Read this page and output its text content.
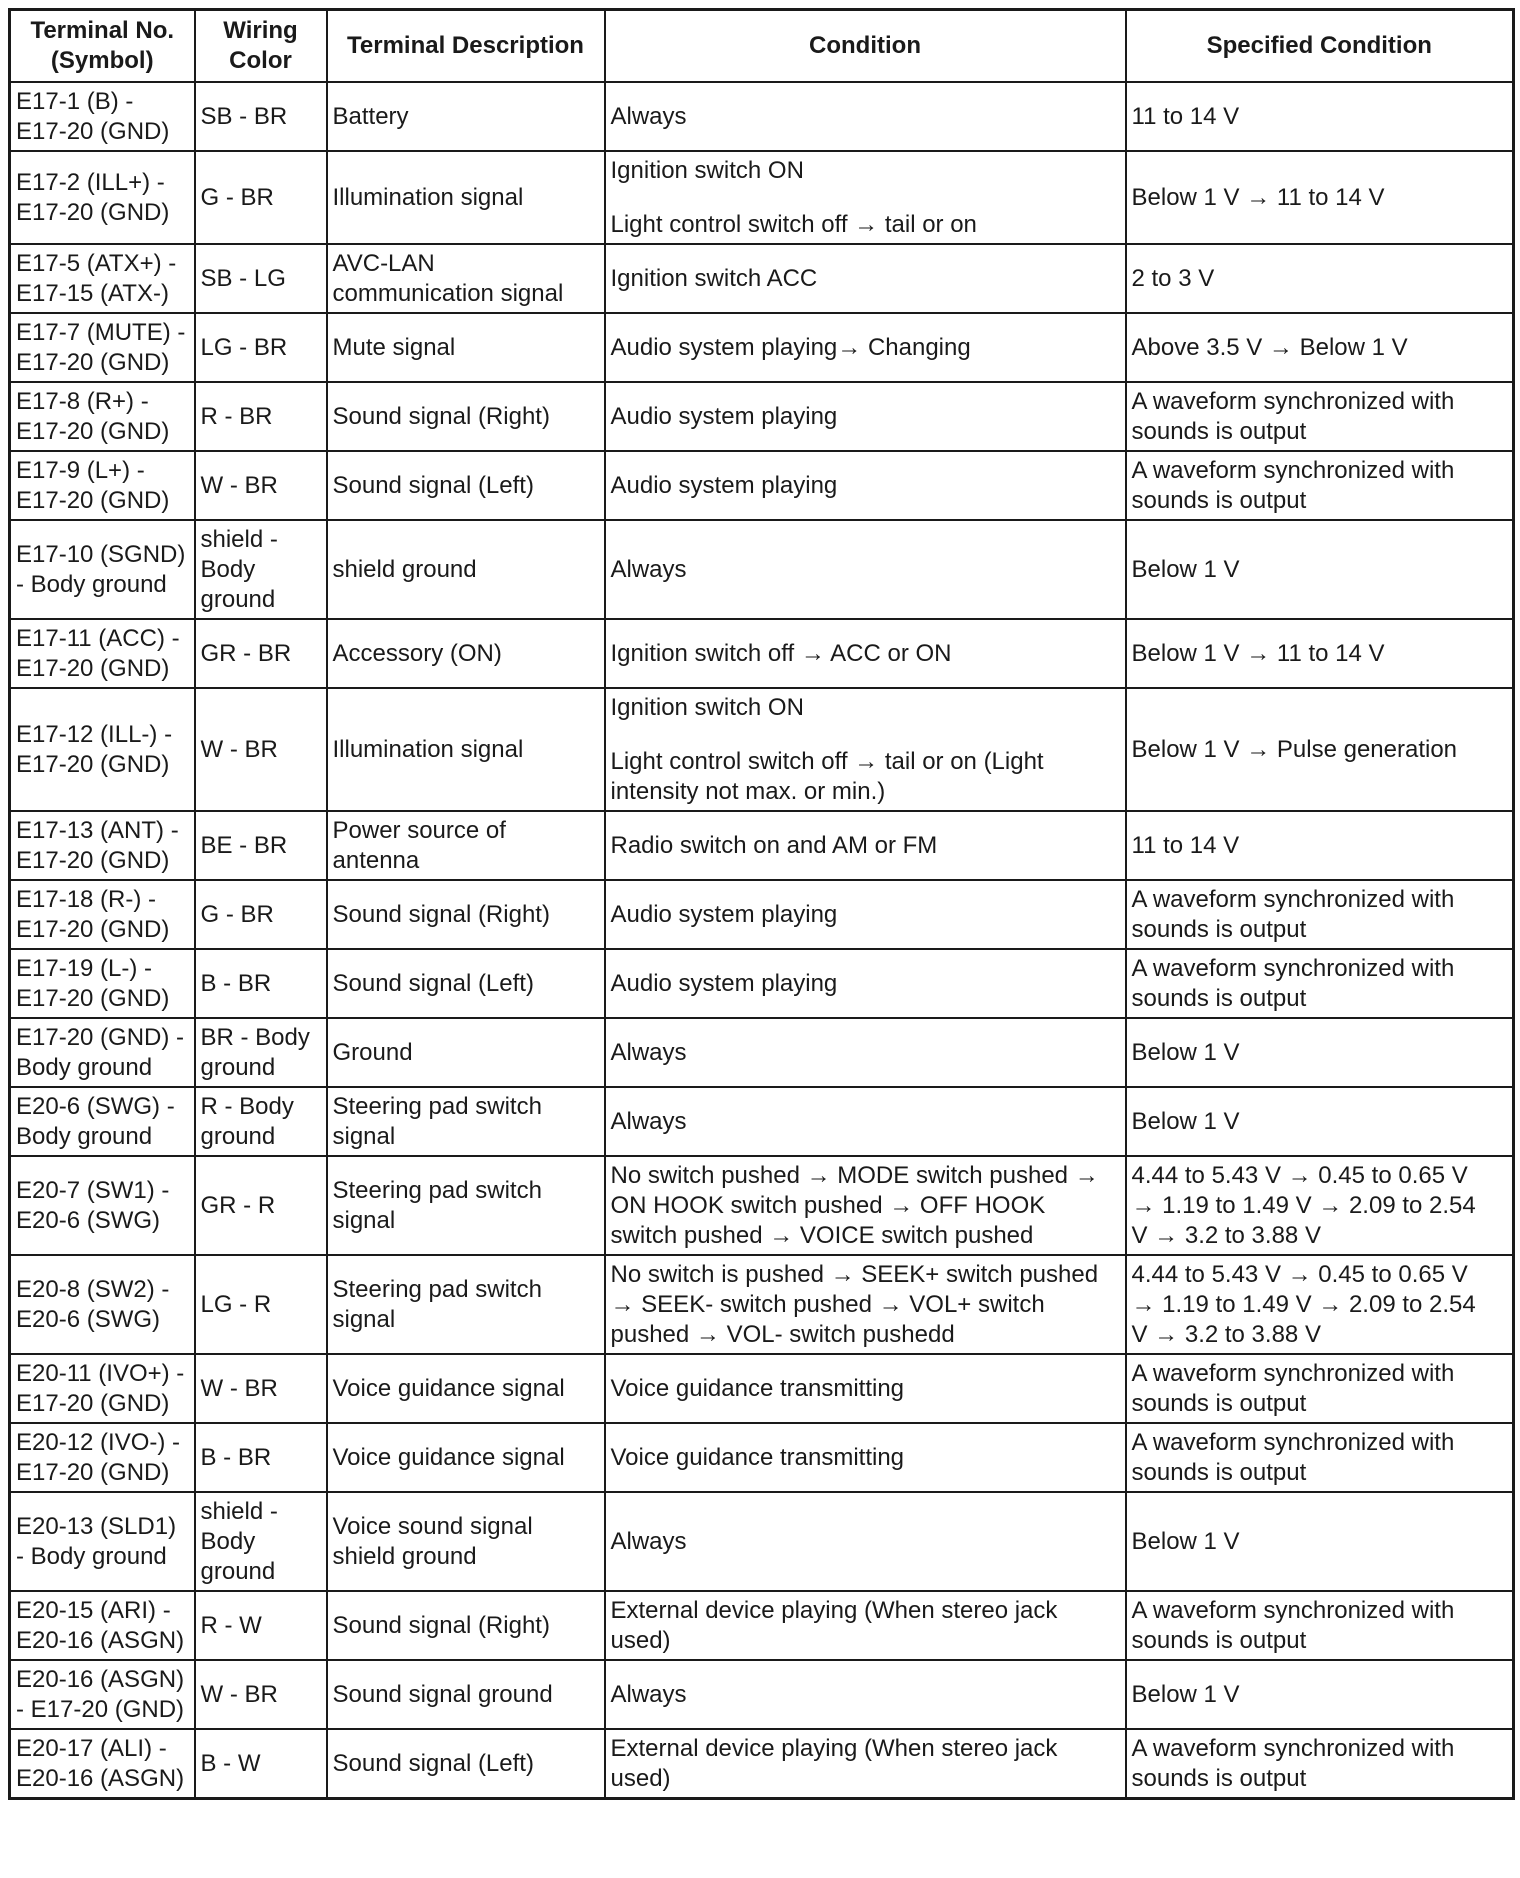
Terminal No.
(Symbol)	Wiring
Color	Terminal Description	Condition	Specified Condition

E17-1 (B) -
E17-20 (GND)	SB - BR	Battery	Always	11 to 14 V

E17-2 (ILL+) -
E17-20 (GND)	G - BR	Illumination signal	Ignition switch ON
Light control switch off → tail or on	Below 1 V → 11 to 14 V

E17-5 (ATX+) -
E17-15 (ATX-)	SB - LG	AVC-LAN
communication signal	Ignition switch ACC	2 to 3 V

E17-7 (MUTE) -
E17-20 (GND)	LG - BR	Mute signal	Audio system playing→ Changing	Above 3.5 V → Below 1 V

E17-8 (R+) -
E17-20 (GND)	R - BR	Sound signal (Right)	Audio system playing	A waveform synchronized with
sounds is output

E17-9 (L+) -
E17-20 (GND)	W - BR	Sound signal (Left)	Audio system playing	A waveform synchronized with
sounds is output

E17-10 (SGND)
- Body ground	shield -
Body
ground	shield ground	Always	Below 1 V

E17-11 (ACC) -
E17-20 (GND)	GR - BR	Accessory (ON)	Ignition switch off → ACC or ON	Below 1 V → 11 to 14 V

E17-12 (ILL-) -
E17-20 (GND)	W - BR	Illumination signal	Ignition switch ON
Light control switch off → tail or on (Light
intensity not max. or min.)	Below 1 V → Pulse generation

E17-13 (ANT) -
E17-20 (GND)	BE - BR	Power source of
antenna	Radio switch on and AM or FM	11 to 14 V

E17-18 (R-) -
E17-20 (GND)	G - BR	Sound signal (Right)	Audio system playing	A waveform synchronized with
sounds is output

E17-19 (L-) -
E17-20 (GND)	B - BR	Sound signal (Left)	Audio system playing	A waveform synchronized with
sounds is output

E17-20 (GND) -
Body ground	BR - Body
ground	Ground	Always	Below 1 V

E20-6 (SWG) -
Body ground	R - Body
ground	Steering pad switch
signal	Always	Below 1 V

E20-7 (SW1) -
E20-6 (SWG)	GR - R	Steering pad switch
signal	No switch pushed → MODE switch pushed →
ON HOOK switch pushed → OFF HOOK
switch pushed → VOICE switch pushed	4.44 to 5.43 V → 0.45 to 0.65 V
→ 1.19 to 1.49 V → 2.09 to 2.54
V → 3.2 to 3.88 V

E20-8 (SW2) -
E20-6 (SWG)	LG - R	Steering pad switch
signal	No switch is pushed → SEEK+ switch pushed
→ SEEK- switch pushed → VOL+ switch
pushed → VOL- switch pushedd	4.44 to 5.43 V → 0.45 to 0.65 V
→ 1.19 to 1.49 V → 2.09 to 2.54
V → 3.2 to 3.88 V

E20-11 (IVO+) -
E17-20 (GND)	W - BR	Voice guidance signal	Voice guidance transmitting	A waveform synchronized with
sounds is output

E20-12 (IVO-) -
E17-20 (GND)	B - BR	Voice guidance signal	Voice guidance transmitting	A waveform synchronized with
sounds is output

E20-13 (SLD1)
- Body ground	shield -
Body
ground	Voice sound signal
shield ground	Always	Below 1 V

E20-15 (ARI) -
E20-16 (ASGN)	R - W	Sound signal (Right)	External device playing (When stereo jack
used)	A waveform synchronized with
sounds is output

E20-16 (ASGN)
- E17-20 (GND)	W - BR	Sound signal ground	Always	Below 1 V

E20-17 (ALI) -
E20-16 (ASGN)	B - W	Sound signal (Left)	External device playing (When stereo jack
used)	A waveform synchronized with
sounds is output
